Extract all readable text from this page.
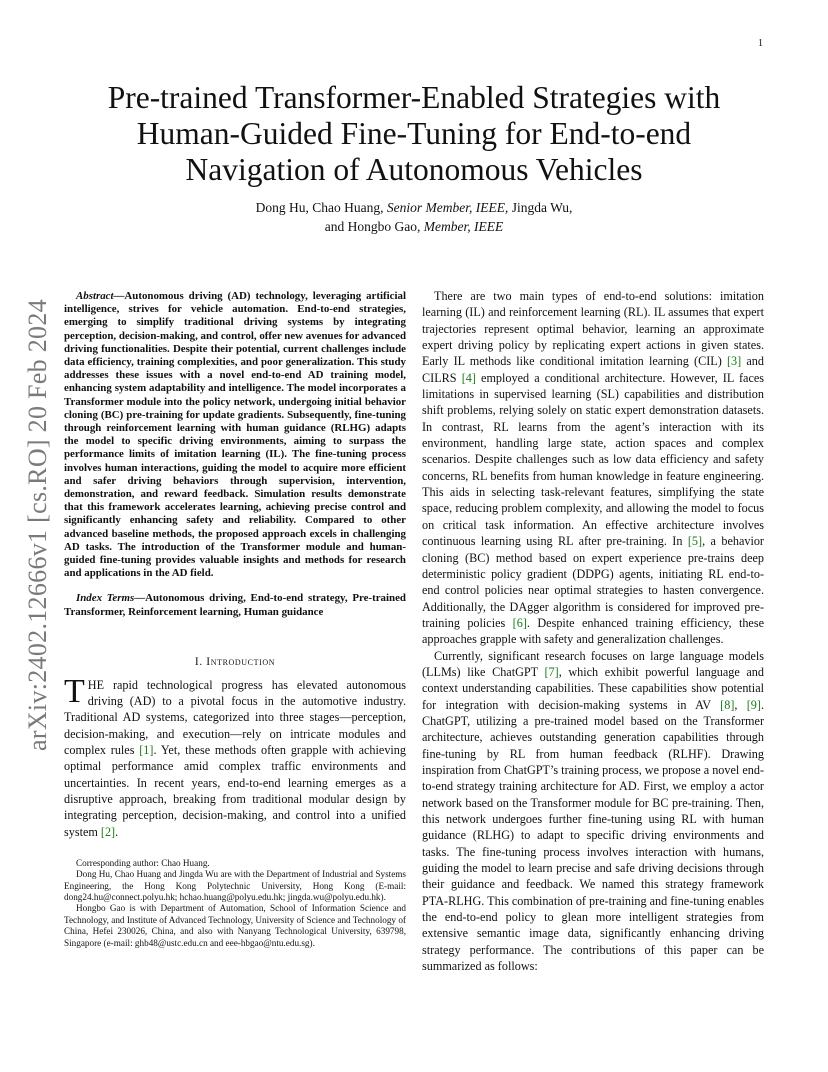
1
arXiv:2402.12666v1 [cs.RO] 20 Feb 2024
Pre-trained Transformer-Enabled Strategies with
Human-Guided Fine-Tuning for End-to-end
Navigation of Autonomous Vehicles
Dong Hu, Chao Huang, Senior Member, IEEE, Jingda Wu,
and Hongbo Gao, Member, IEEE

Abstract—Autonomous driving (AD) technology, leveraging artificial intelligence, strives for vehicle automation. End-to-end strategies, emerging to simplify traditional driving systems by integrating perception, decision-making, and control, offer new avenues for advanced driving functionalities. Despite their potential, current challenges include data efficiency, training complexities, and poor generalization. This study addresses these issues with a novel end-to-end AD training model, enhancing system adaptability and intelligence. The model incorporates a Transformer module into the policy network, undergoing initial behavior cloning (BC) pre-training for update gradients. Subsequently, fine-tuning through reinforcement learning with human guidance (RLHG) adapts the model to specific driving environments, aiming to surpass the performance limits of imitation learning (IL). The fine-tuning process involves human interactions, guiding the model to acquire more efficient and safer driving behaviors through supervision, intervention, demonstration, and reward feedback. Simulation results demonstrate that this framework accelerates learning, achieving precise control and significantly enhancing safety and reliability. Compared to other advanced baseline methods, the proposed approach excels in challenging AD tasks. The introduction of the Transformer module and human-guided fine-tuning provides valuable insights and methods for research and applications in the AD field.

Index Terms—Autonomous driving, End-to-end strategy, Pre-trained Transformer, Reinforcement learning, Human guidance

I. Introduction

THE rapid technological progress has elevated autonomous driving (AD) to a pivotal focus in the automotive industry. Traditional AD systems, categorized into three stages—perception, decision-making, and execution—rely on intricate modules and complex rules [1]. Yet, these methods often grapple with achieving optimal performance amid complex traffic environments and uncertainties. In recent years, end-to-end learning emerges as a disruptive approach, breaking from traditional modular design by integrating perception, decision-making, and control into a unified system [2].

Corresponding author: Chao Huang.

Dong Hu, Chao Huang and Jingda Wu are with the Department of Industrial and Systems Engineering, the Hong Kong Polytechnic University, Hong Kong (E-mail: dong24.hu@connect.polyu.hk; hchao.huang@polyu.edu.hk; jingda.wu@polyu.edu.hk).

Hongbo Gao is with Department of Automation, School of Information Science and Technology, and Institute of Advanced Technology, University of Science and Technology of China, Hefei 230026, China, and also with Nanyang Technological University, 639798, Singapore (e-mail: ghb48@ustc.edu.cn and eee-hbgao@ntu.edu.sg).

There are two main types of end-to-end solutions: imitation learning (IL) and reinforcement learning (RL). IL assumes that expert trajectories represent optimal behavior, learning an approximate expert driving policy by replicating expert actions in given states. Early IL methods like conditional imitation learning (CIL) [3] and CILRS [4] employed a conditional architecture. However, IL faces limitations in supervised learning (SL) capabilities and distribution shift problems, relying solely on static expert demonstration datasets. In contrast, RL learns from the agent’s interaction with its environment, handling large state, action spaces and complex scenarios. Despite challenges such as low data efficiency and safety concerns, RL benefits from human knowledge in feature engineering. This aids in selecting task-relevant features, simplifying the state space, reducing problem complexity, and allowing the model to focus on critical task information. An effective architecture involves continuous learning using RL after pre-training. In [5], a behavior cloning (BC) method based on expert experience pre-trains deep deterministic policy gradient (DDPG) agents, initiating RL end-to-end control policies near optimal strategies to hasten convergence. Additionally, the DAgger algorithm is considered for improved pre-training policies [6]. Despite enhanced training efficiency, these approaches grapple with safety and generalization challenges.

Currently, significant research focuses on large language models (LLMs) like ChatGPT [7], which exhibit powerful language and context understanding capabilities. These capabilities show potential for integration with decision-making systems in AV [8], [9]. ChatGPT, utilizing a pre-trained model based on the Transformer architecture, achieves outstanding generation capabilities through fine-tuning by RL from human feedback (RLHF). Drawing inspiration from ChatGPT’s training process, we propose a novel end-to-end strategy training architecture for AD. First, we employ a actor network based on the Transformer module for BC pre-training. Then, this network undergoes further fine-tuning using RL with human guidance (RLHG) to adapt to specific driving environments and tasks. The fine-tuning process involves interaction with humans, guiding the model to learn precise and safe driving decisions through their guidance and feedback. We named this strategy framework PTA-RLHG. This combination of pre-training and fine-tuning enables the end-to-end policy to glean more intelligent strategies from extensive semantic image data, significantly enhancing driving strategy performance. The contributions of this paper can be summarized as follows:
